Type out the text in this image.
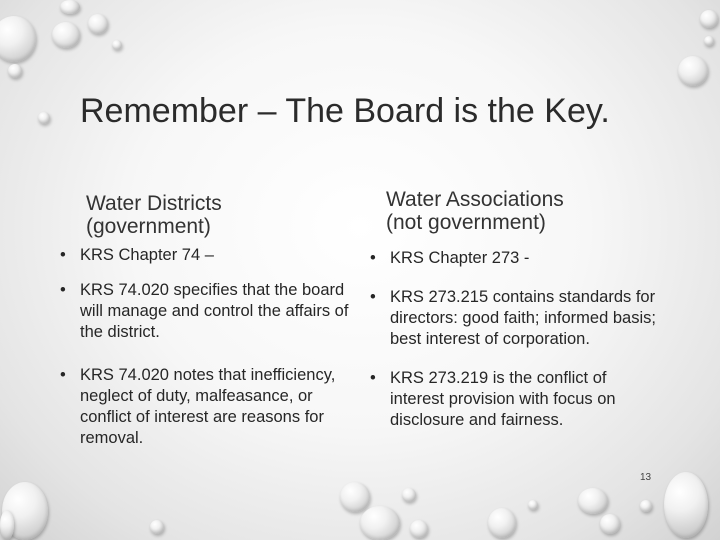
Remember – The Board is the Key.
Water Districts
(government)
Water Associations
(not government)
• KRS Chapter 74 –
• KRS 74.020 specifies that the board will manage and control the affairs of the district.
• KRS 74.020 notes that inefficiency, neglect of duty, malfeasance, or conflict of interest are reasons for removal.
• KRS Chapter 273 -
• KRS 273.215 contains standards for directors: good faith; informed basis; best interest of corporation.
• KRS 273.219 is the conflict of interest provision with focus on disclosure and fairness.
13
